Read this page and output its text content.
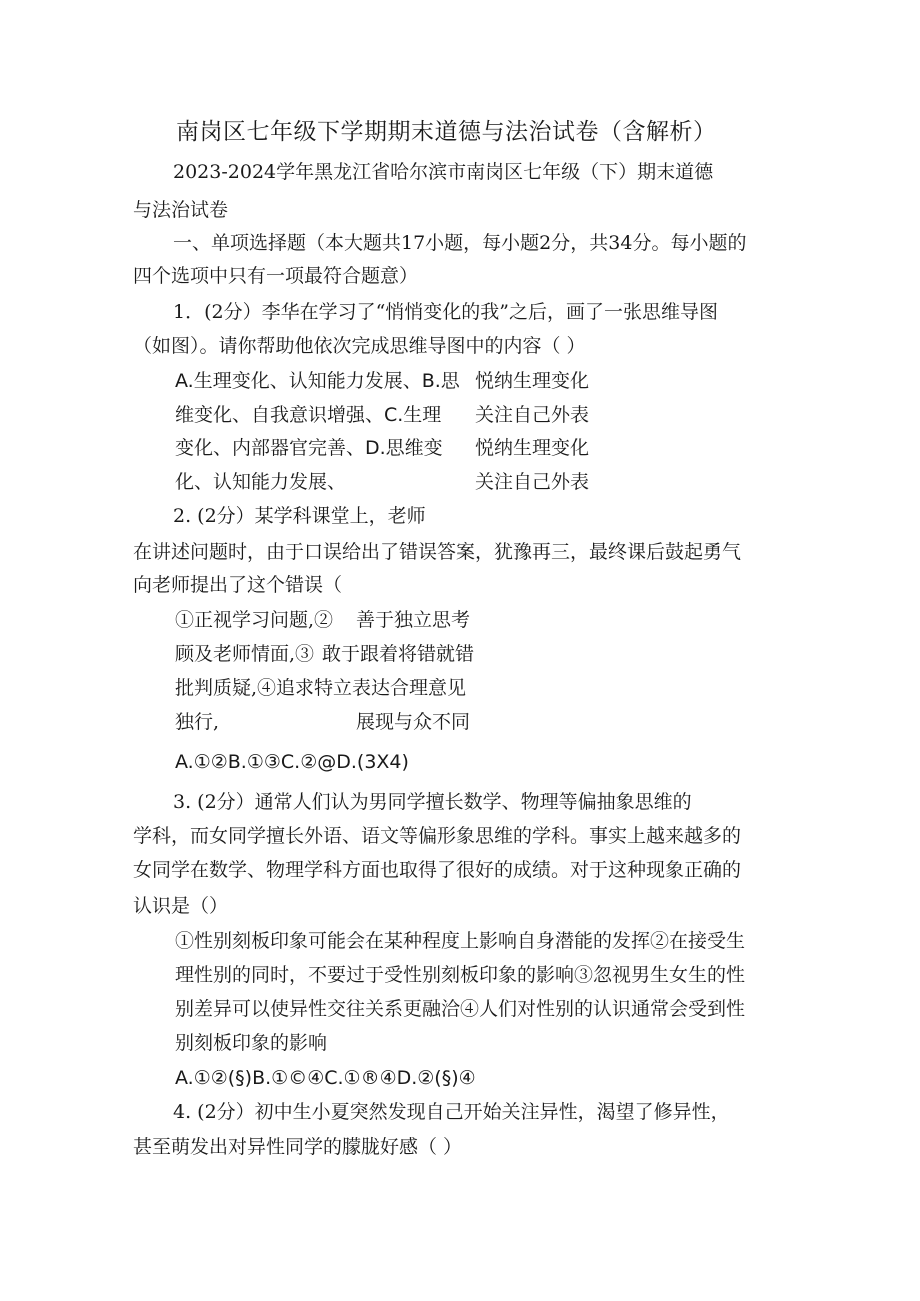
南岗区七年级下学期期末道德与法治试卷（含解析）
2023-2024学年黑龙江省哈尔滨市南岗区七年级（下）期末道德
与法治试卷
一、单项选择题（本大题共17小题，每小题2分，共34分。每小题的
四个选项中只有一项最符合题意）
1．(2分）李华在学习了“悄悄变化的我”之后，画了一张思维导图
（如图）。请你帮助他依次完成思维导图中的内容（ ）
A.生理变化、认知能力发展、B.思
维变化、自我意识增强、C.生理
变化、内部器官完善、D.思维变
化、认知能力发展、
悦纳生理变化
关注自己外表
悦纳生理变化
关注自己外表
2. (2分）某学科课堂上，老师
在讲述问题时，由于口误给出了错误答案，犹豫再三，最终课后鼓起勇气
向老师提出了这个错误（
①正视学习问题,②
顾及老师情面,③
批判质疑,④
独行,
善于独立思考
敢于跟着将错就错
追求特立表达合理意见
展现与众不同
A.①②B.①③C.②@D.(3X4)
3. (2分）通常人们认为男同学擅长数学、物理等偏抽象思维的
学科，而女同学擅长外语、语文等偏形象思维的学科。事实上越来越多的
女同学在数学、物理学科方面也取得了很好的成绩。对于这种现象正确的
认识是（）
①性别刻板印象可能会在某种程度上影响自身潜能的发挥②在接受生
理性别的同时，不要过于受性别刻板印象的影响③忽视男生女生的性
别差异可以使异性交往关系更融洽④人们对性别的认识通常会受到性
别刻板印象的影响
A.①②(§)B.①©④C.①®④D.②(§)④
4. (2分）初中生小夏突然发现自己开始关注异性，渴望了修异性，
甚至萌发出对异性同学的朦胧好感（ ）
